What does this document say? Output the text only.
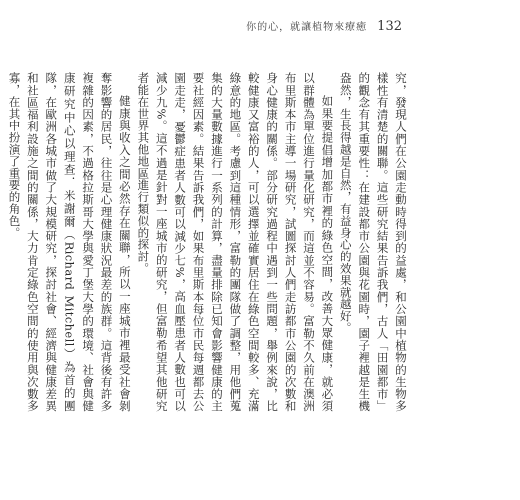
你的心，就讓植物來療癒 132

究，發現人們在公園走動時得到的益處，和公園中植物的生物多樣性有清楚的關聯。這些研究結果告訴我們，古人「田園都市」的觀念有其重要性：在建設都市公園與花園時，園子裡越是生機盎然，生長得越是自然，有益身心的效果就越好。

如果要提倡增加都市裡的綠色空間，改善大眾健康，就必須以群體為單位進行量化研究，而這並不容易。富勒不久前在澳洲布里斯本市主導一場研究，試圖探討人們走訪都市公園的次數和身心健康的關係。部分研究過程中遇到一些問題，舉例來說，比較健康又富裕的人，可以選擇並確實居住在綠色空間較多、充滿綠意的地區。考慮到這種情形，富勒的團隊做了調整，用他們蒐集的大量數據進行一系列的計算，盡量排除已知會影響健康的主要社經因素。結果告訴我們，如果布里斯本每位市民每週都去公園走走，憂鬱症患者人數可以減少七%，高血壓患者人數也可以減少九%。這不過是針對一座城市的研究，但富勒希望其他研究者能在世界其他地區進行類似的探討。

健康與收入之間必然存在關聯，所以一座城市裡最受社會剝奪影響的居民，往往是心理健康狀況最差的族群。這背後有許多複雜的因素，不過格拉斯哥大學與愛丁堡大學的環境、社會與健康研究中心以理查．米謝爾（Richard Mitchell）為首的團隊，在歐洲各城市做了大規模研究，探討社會、經濟與健康差異和社區福利設施之間的關係，大力肯定綠色空間的使用與次數多寡，在其中扮演了重要的角色。
